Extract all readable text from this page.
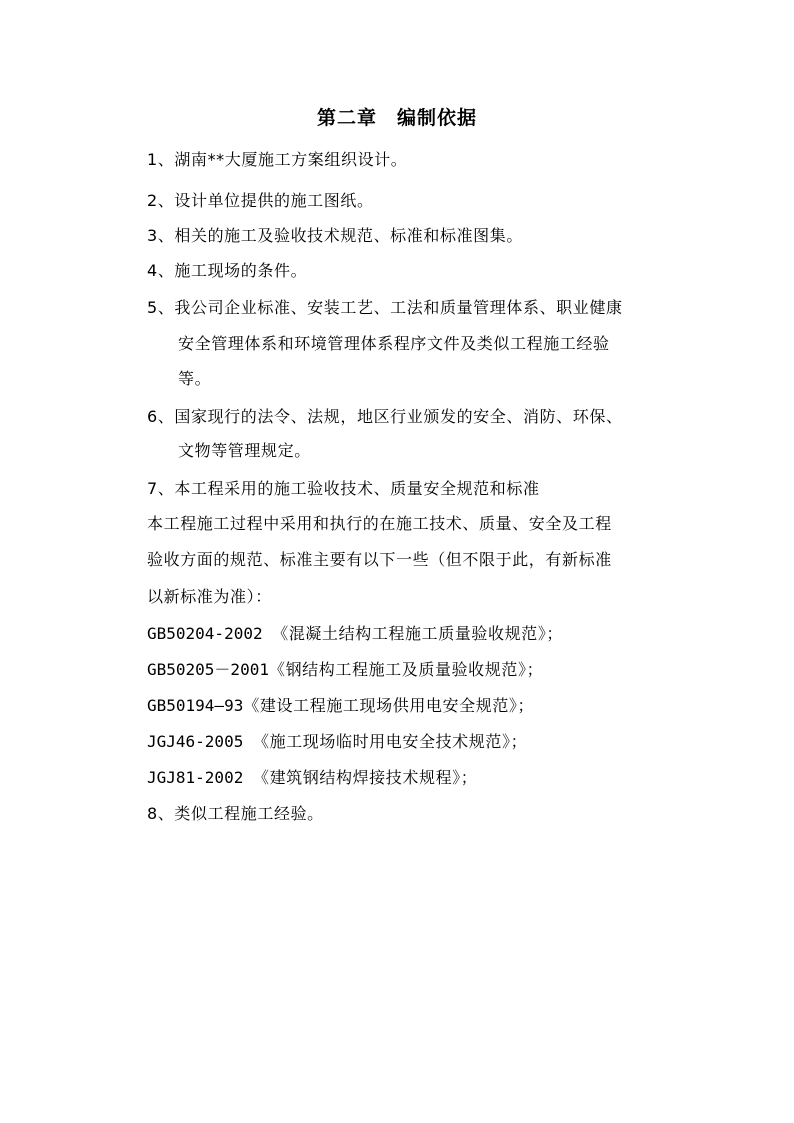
第二章　编制依据
1、湖南**大厦施工方案组织设计。
2、设计单位提供的施工图纸。
3、相关的施工及验收技术规范、标准和标准图集。
4、施工现场的条件。
5、我公司企业标准、安装工艺、工法和质量管理体系、职业健康
安全管理体系和环境管理体系程序文件及类似工程施工经验
等。
6、国家现行的法令、法规，地区行业颁发的安全、消防、环保、
文物等管理规定。
7、本工程采用的施工验收技术、质量安全规范和标准
本工程施工过程中采用和执行的在施工技术、质量、安全及工程
验收方面的规范、标准主要有以下一些（但不限于此，有新标准
以新标准为准）：
GB50204-2002 《混凝土结构工程施工质量验收规范》；
GB50205－2001《钢结构工程施工及质量验收规范》；
GB50194—93《建设工程施工现场供用电安全规范》；
JGJ46-2005 《施工现场临时用电安全技术规范》；
JGJ81-2002 《建筑钢结构焊接技术规程》；
8、类似工程施工经验。
